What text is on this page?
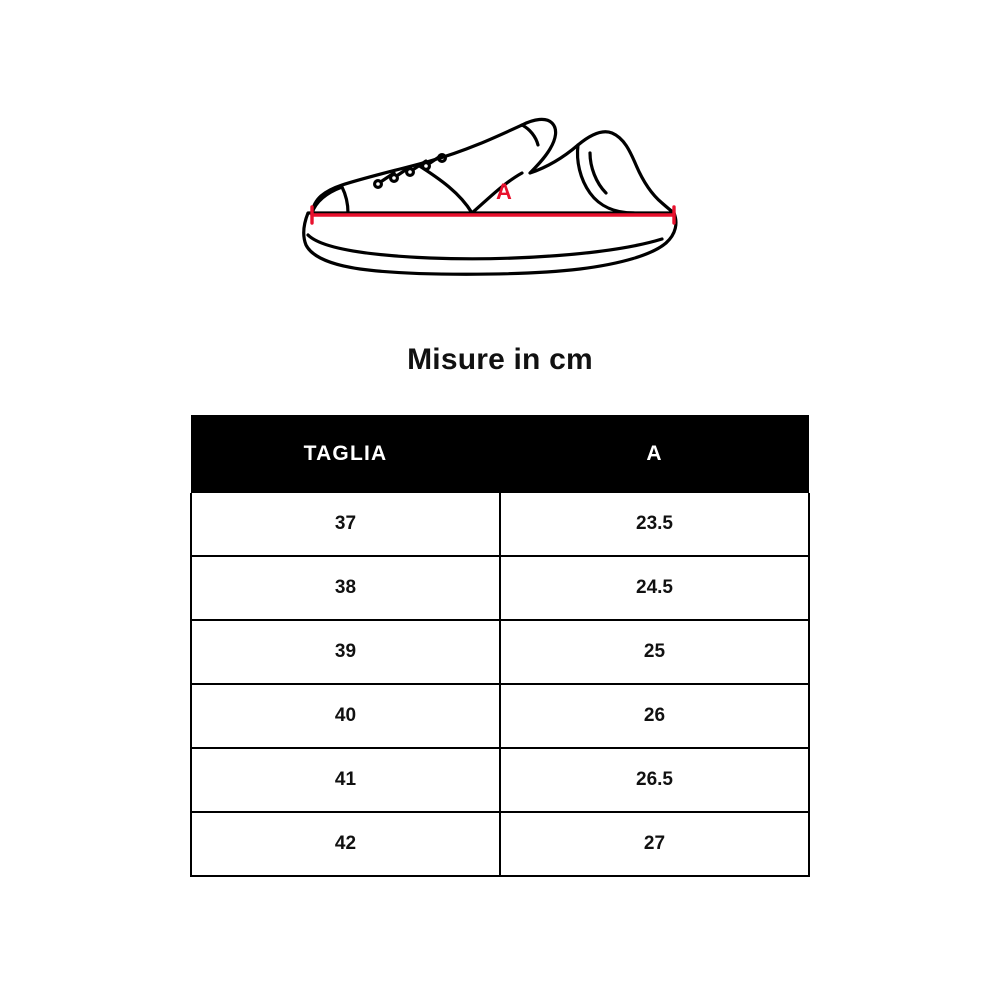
A
Misure in cm
TAGLIA	A
37	23.5
38	24.5
39	25
40	26
41	26.5
42	27
